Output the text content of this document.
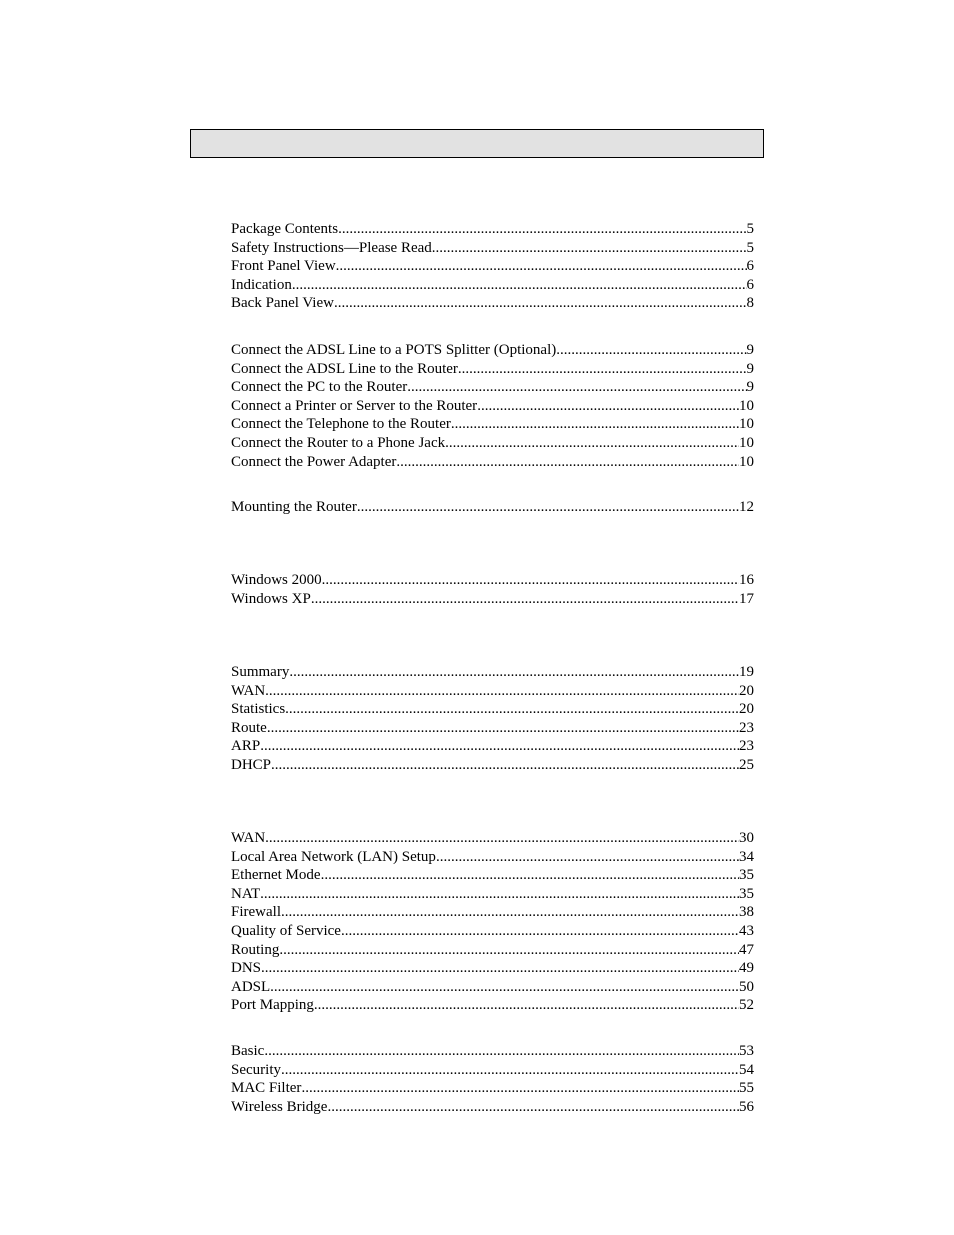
Package Contents .....	5
Safety Instructions—Please Read .....	5
Front Panel View .....	6
Indication .....	6
Back Panel View .....	8
Connect the ADSL Line to a POTS Splitter (Optional) .....	9
Connect the ADSL Line to the Router .....	9
Connect the PC to the Router .....	9
Connect a Printer or Server to the Router .....	10
Connect the Telephone to the Router .....	10
Connect the Router to a Phone Jack .....	10
Connect the Power Adapter .....	10
Mounting the Router .....	12
Windows 2000 .....	16
Windows XP .....	17
Summary .....	19
WAN .....	20
Statistics .....	20
Route .....	23
ARP .....	23
DHCP .....	25
WAN .....	30
Local Area Network (LAN) Setup .....	34
Ethernet Mode .....	35
NAT .....	35
Firewall .....	38
Quality of Service .....	43
Routing .....	47
DNS .....	49
ADSL .....	50
Port Mapping .....	52
Basic .....	53
Security .....	54
MAC Filter .....	55
Wireless Bridge .....	56
